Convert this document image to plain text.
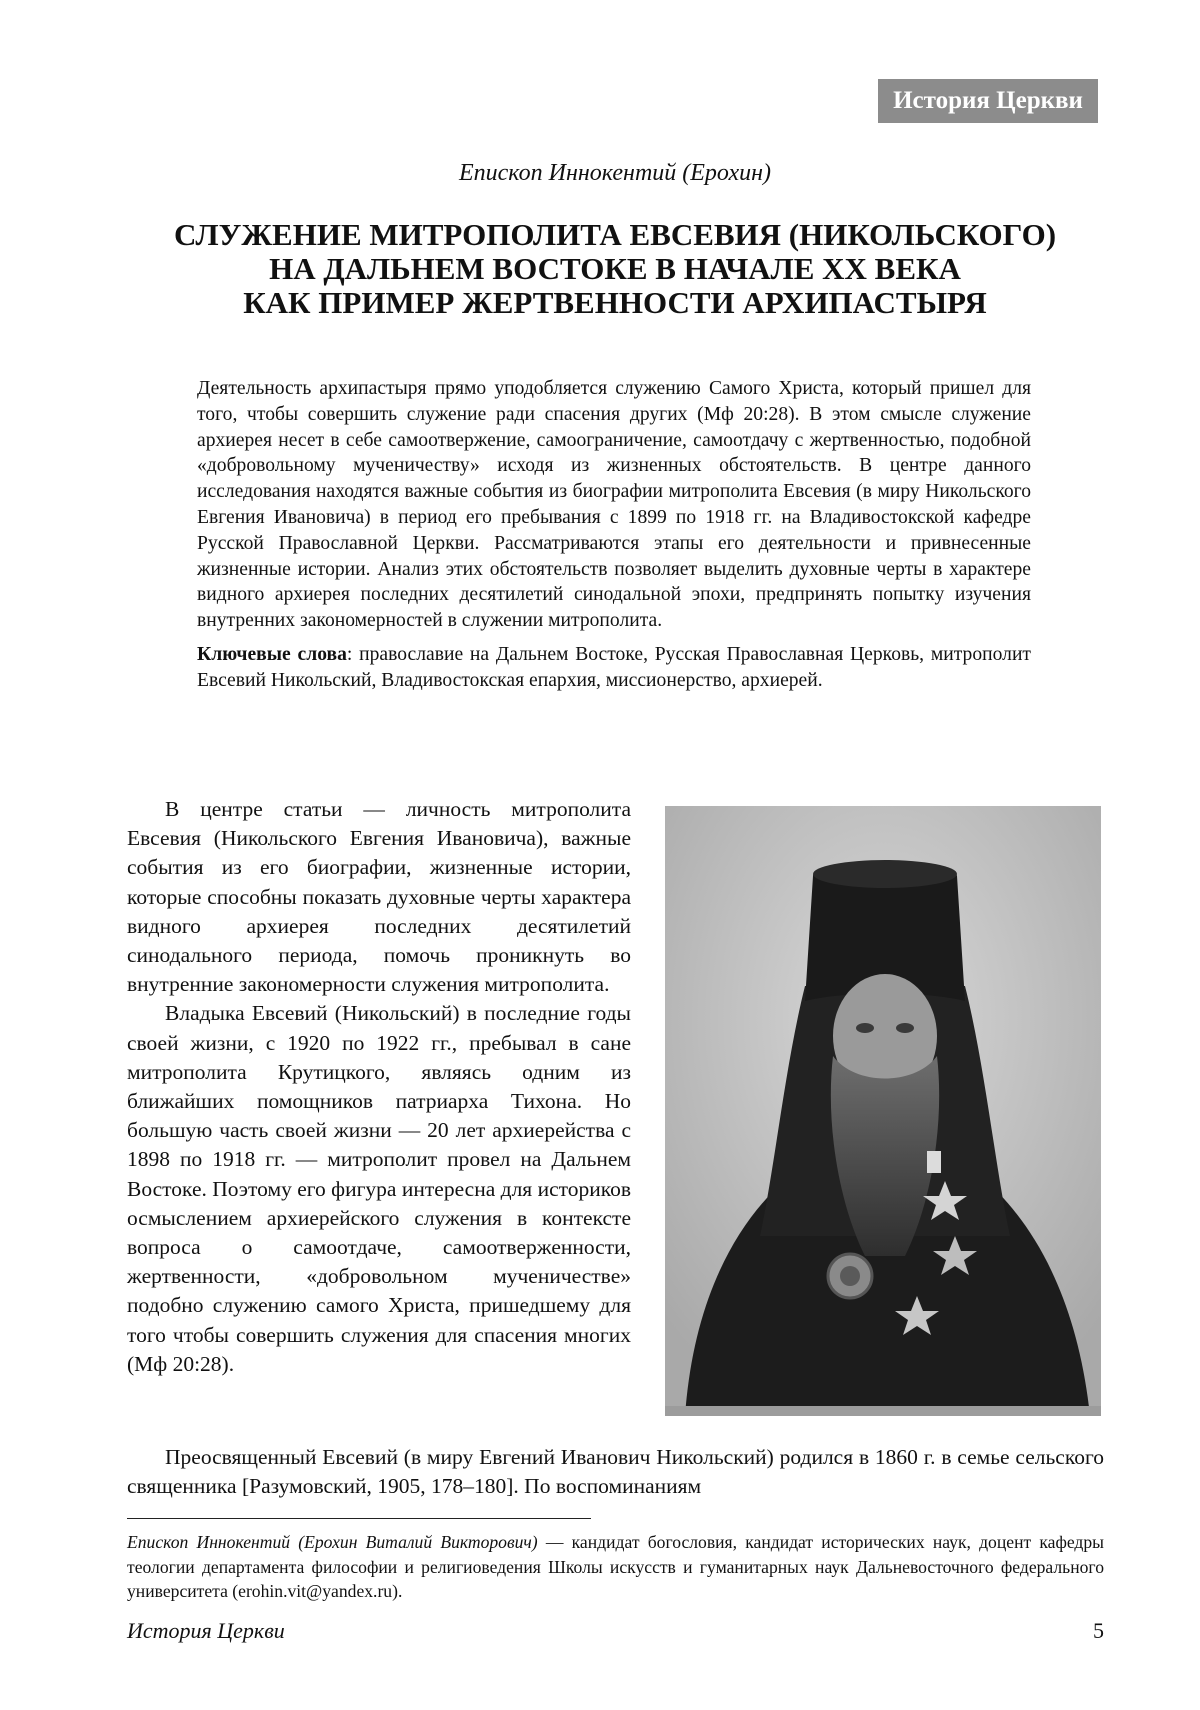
История Церкви
Епископ Иннокентий (Ерохин)
СЛУЖЕНИЕ МИТРОПОЛИТА ЕВСЕВИЯ (НИКОЛЬСКОГО)
НА ДАЛЬНЕМ ВОСТОКЕ В НАЧАЛЕ ХХ ВЕКА
КАК ПРИМЕР ЖЕРТВЕННОСТИ АРХИПАСТЫРЯ

Деятельность архипастыря прямо уподобляется служению Самого Христа, который пришел для того, чтобы совершить служение ради спасения других (Мф 20:28). В этом смысле служение архиерея несет в себе самоотвержение, самоограничение, самоотдачу с жертвенностью, подобной «добровольному мученичеству» исходя из жизненных обстоятельств. В центре данного исследования находятся важные события из биографии митрополита Евсевия (в миру Никольского Евгения Ивановича) в период его пребывания с 1899 по 1918 гг. на Владивостокской кафедре Русской Православной Церкви. Рассматриваются этапы его деятельности и привнесенные жизненные истории. Анализ этих обстоятельств позволяет выделить духовные черты в характере видного архиерея последних десятилетий синодальной эпохи, предпринять попытку изучения внутренних закономерностей в служении митрополита.

Ключевые слова: православие на Дальнем Востоке, Русская Православная Церковь, митрополит Евсевий Никольский, Владивостокская епархия, миссионерство, архиерей.

В центре статьи — личность митрополита Евсевия (Никольского Евгения Ивановича), важные события из его биографии, жизненные истории, которые способны показать духовные черты характера видного архиерея последних десятилетий синодального периода, помочь проникнуть во внутренние закономерности служения митрополита.

Владыка Евсевий (Никольский) в последние годы своей жизни, с 1920 по 1922 гг., пребывал в сане митрополита Крутицкого, являясь одним из ближайших помощников патриарха Тихона. Но большую часть своей жизни — 20 лет архиерейства с 1898 по 1918 гг. — митрополит провел на Дальнем Востоке. Поэтому его фигура интересна для историков осмыслением архиерейского служения в контексте вопроса о самоотдаче, самоотверженности, жертвенности, «добровольном мученичестве» подобно служению самого Христа, пришедшему для того чтобы совершить служения для спасения многих (Мф 20:28).

Преосвященный Евсевий (в миру Евгений Иванович Никольский) родился в 1860 г. в семье сельского священника [Разумовский, 1905, 178–180]. По воспоминаниям

Епископ Иннокентий (Ерохин Виталий Викторович) — кандидат богословия, кандидат исторических наук, доцент кафедры теологии департамента философии и религиоведения Школы искусств и гуманитарных наук Дальневосточного федерального университета (erohin.vit@yandex.ru).

История Церкви	5
